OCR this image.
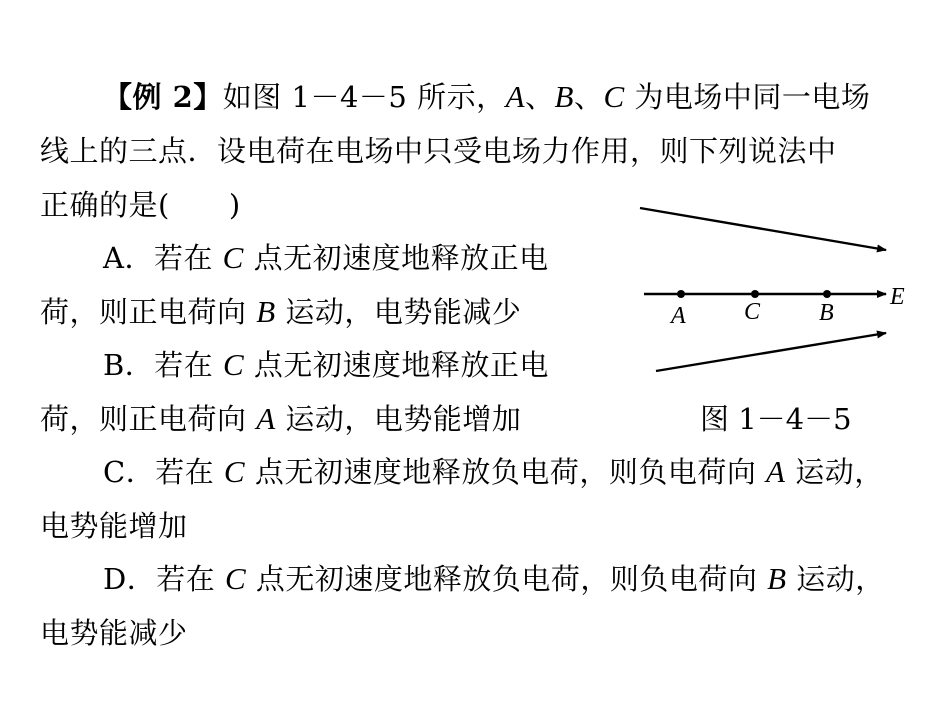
【例 2】如图 1－4－5 所示，A、B、C 为电场中同一电场
线上的三点．设电荷在电场中只受电场力作用，则下列说法中
正确的是(　　)
A．若在 C 点无初速度地释放正电
荷，则正电荷向 B 运动，电势能减少
B．若在 C 点无初速度地释放正电
荷，则正电荷向 A 运动，电势能增加
C．若在 C 点无初速度地释放负电荷，则负电荷向 A 运动，
电势能增加
D．若在 C 点无初速度地释放负电荷，则负电荷向 B 运动，
电势能减少
A C B
E
图 1－4－5
